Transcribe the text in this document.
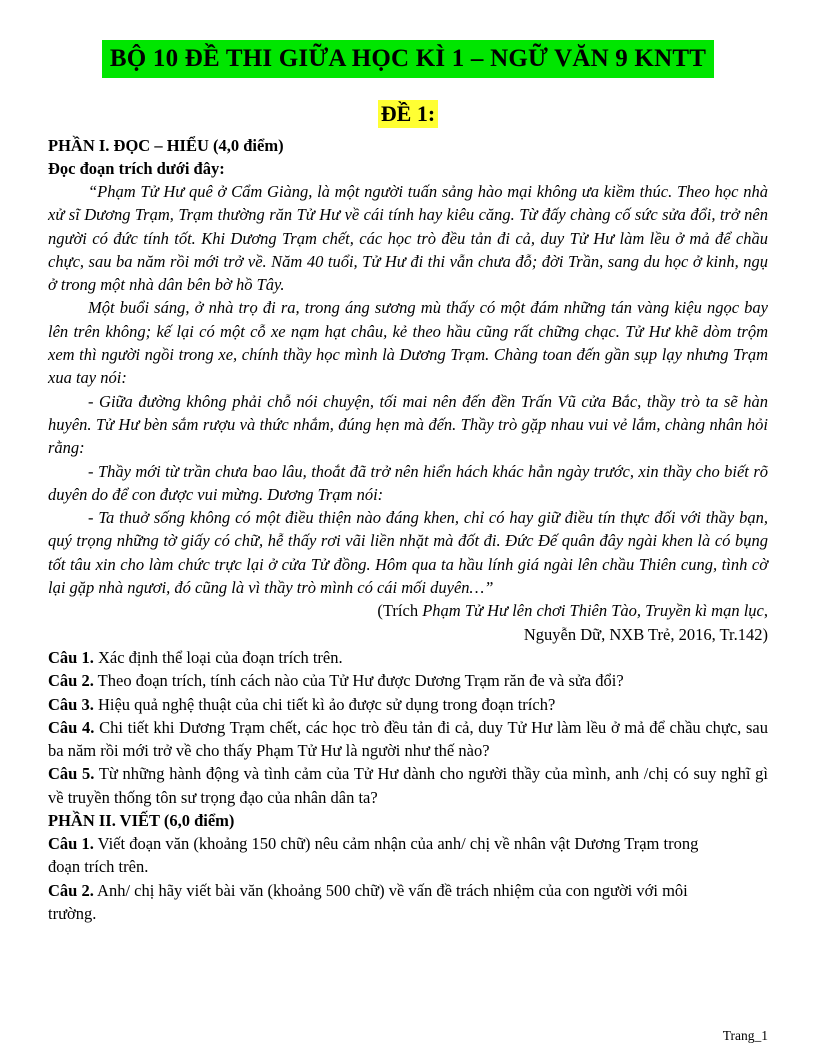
BỘ 10 ĐỀ THI GIỮA HỌC KÌ 1 – NGỮ VĂN 9 KNTT
ĐỀ 1:
PHẦN I. ĐỌC – HIỂU (4,0 điểm)
Đọc đoạn trích dưới đây:

“Phạm Tử Hư quê ở Cẩm Giàng, là một người tuấn sảng hào mại không ưa kiềm thúc. Theo học nhà xử sĩ Dương Trạm, Trạm thường răn Tử Hư về cái tính hay kiêu căng. Từ đấy chàng cố sức sửa đổi, trở nên người có đức tính tốt. Khi Dương Trạm chết, các học trò đều tản đi cả, duy Tử Hư làm lều ở mả để chầu chực, sau ba năm rồi mới trở về. Năm 40 tuổi, Tử Hư đi thi vẫn chưa đỗ; đời Trần, sang du học ở kinh, ngụ ở trong một nhà dân bên bờ hồ Tây.

Một buổi sáng, ở nhà trọ đi ra, trong áng sương mù thấy có một đám những tán vàng kiệu ngọc bay lên trên không; kế lại có một cỗ xe nạm hạt châu, kẻ theo hầu cũng rất chững chạc. Tử Hư khẽ dòm trộm xem thì người ngồi trong xe, chính thầy học mình là Dương Trạm. Chàng toan đến gần sụp lạy nhưng Trạm xua tay nói:

- Giữa đường không phải chỗ nói chuyện, tối mai nên đến đền Trấn Vũ cửa Bắc, thầy trò ta sẽ hàn huyên. Tử Hư bèn sắm rượu và thức nhắm, đúng hẹn mà đến. Thầy trò gặp nhau vui vẻ lắm, chàng nhân hỏi rằng:

- Thầy mới từ trần chưa bao lâu, thoắt đã trở nên hiển hách khác hẳn ngày trước, xin thầy cho biết rõ duyên do để con được vui mừng. Dương Trạm nói:

- Ta thuở sống không có một điều thiện nào đáng khen, chỉ có hay giữ điều tín thực đối với thầy bạn, quý trọng những tờ giấy có chữ, hễ thấy rơi vãi liền nhặt mà đốt đi. Đức Đế quân đây ngài khen là có bụng tốt tâu xin cho làm chức trực lại ở cửa Tử đồng. Hôm qua ta hầu lính giá ngài lên chầu Thiên cung, tình cờ lại gặp nhà ngươi, đó cũng là vì thầy trò mình có cái mối duyên…”

(Trích Phạm Tử Hư lên chơi Thiên Tào, Truyền kì mạn lục,
Nguyễn Dữ, NXB Trẻ, 2016, Tr.142)

Câu 1. Xác định thể loại của đoạn trích trên.

Câu 2. Theo đoạn trích, tính cách nào của Tử Hư được Dương Trạm răn đe và sửa đổi?

Câu 3. Hiệu quả nghệ thuật của chi tiết kì ảo được sử dụng trong đoạn trích?

Câu 4. Chi tiết khi Dương Trạm chết, các học trò đều tản đi cả, duy Tử Hư làm lều ở mả để chầu chực, sau ba năm rồi mới trở về cho thấy Phạm Tử Hư là người như thế nào?

Câu 5. Từ những hành động và tình cảm của Tử Hư dành cho người thầy của mình, anh /chị có suy nghĩ gì về truyền thống tôn sư trọng đạo của nhân dân ta?

PHẦN II. VIẾT (6,0 điểm)

Câu 1. Viết đoạn văn (khoảng 150 chữ) nêu cảm nhận của anh/ chị về nhân vật Dương Trạm trong đoạn trích trên.

Câu 2. Anh/ chị hãy viết bài văn (khoảng 500 chữ) về vấn đề trách nhiệm của con người với môi trường.

Trang_1
